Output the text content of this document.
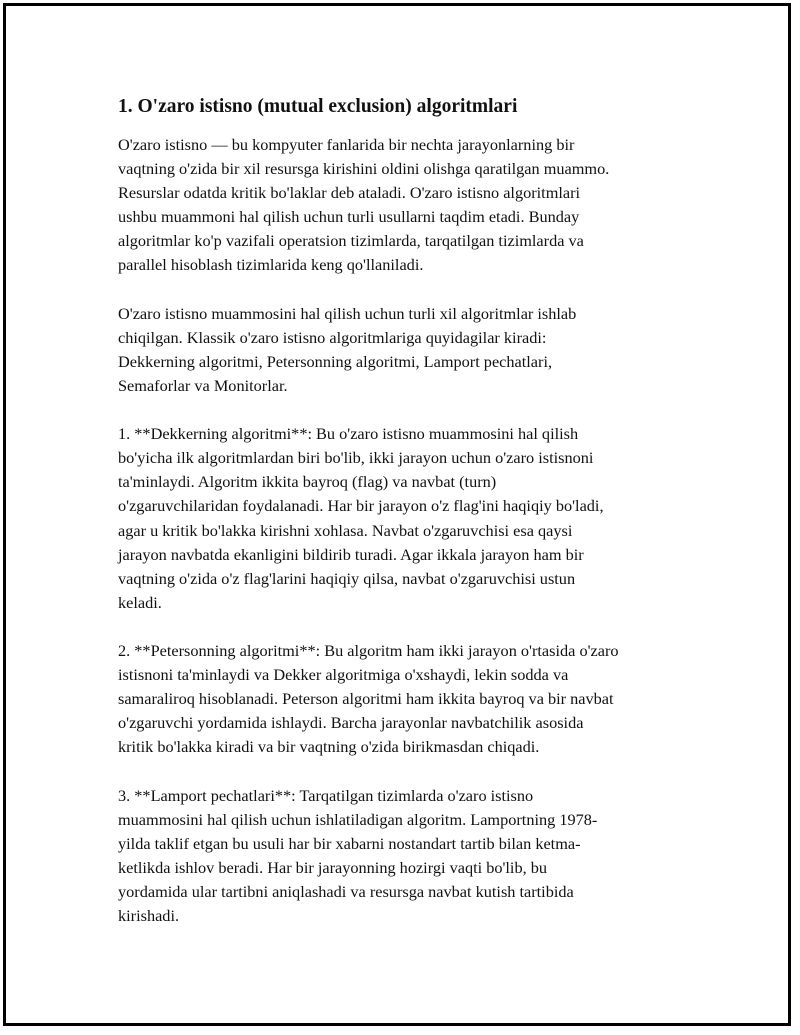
1. O'zaro istisno (mutual exclusion) algoritmlari

O'zaro istisno — bu kompyuter fanlarida bir nechta jarayonlarning bir
vaqtning o'zida bir xil resursga kirishini oldini olishga qaratilgan muammo.
Resurslar odatda kritik bo'laklar deb ataladi. O'zaro istisno algoritmlari
ushbu muammoni hal qilish uchun turli usullarni taqdim etadi. Bunday
algoritmlar ko'p vazifali operatsion tizimlarda, tarqatilgan tizimlarda va
parallel hisoblash tizimlarida keng qo'llaniladi.

O'zaro istisno muammosini hal qilish uchun turli xil algoritmlar ishlab
chiqilgan. Klassik o'zaro istisno algoritmlariga quyidagilar kiradi:
Dekkerning algoritmi, Petersonning algoritmi, Lamport pechatlari,
Semaforlar va Monitorlar.

1. **Dekkerning algoritmi**: Bu o'zaro istisno muammosini hal qilish
bo'yicha ilk algoritmlardan biri bo'lib, ikki jarayon uchun o'zaro istisnoni
ta'minlaydi. Algoritm ikkita bayroq (flag) va navbat (turn)
o'zgaruvchilaridan foydalanadi. Har bir jarayon o'z flag'ini haqiqiy bo'ladi,
agar u kritik bo'lakka kirishni xohlasa. Navbat o'zgaruvchisi esa qaysi
jarayon navbatda ekanligini bildirib turadi. Agar ikkala jarayon ham bir
vaqtning o'zida o'z flag'larini haqiqiy qilsa, navbat o'zgaruvchisi ustun
keladi.

2. **Petersonning algoritmi**: Bu algoritm ham ikki jarayon o'rtasida o'zaro
istisnoni ta'minlaydi va Dekker algoritmiga o'xshaydi, lekin sodda va
samaraliroq hisoblanadi. Peterson algoritmi ham ikkita bayroq va bir navbat
o'zgaruvchi yordamida ishlaydi. Barcha jarayonlar navbatchilik asosida
kritik bo'lakka kiradi va bir vaqtning o'zida birikmasdan chiqadi.

3. **Lamport pechatlari**: Tarqatilgan tizimlarda o'zaro istisno
muammosini hal qilish uchun ishlatiladigan algoritm. Lamportning 1978-
yilda taklif etgan bu usuli har bir xabarni nostandart tartib bilan ketma-
ketlikda ishlov beradi. Har bir jarayonning hozirgi vaqti bo'lib, bu
yordamida ular tartibni aniqlashadi va resursga navbat kutish tartibida
kirishadi.
